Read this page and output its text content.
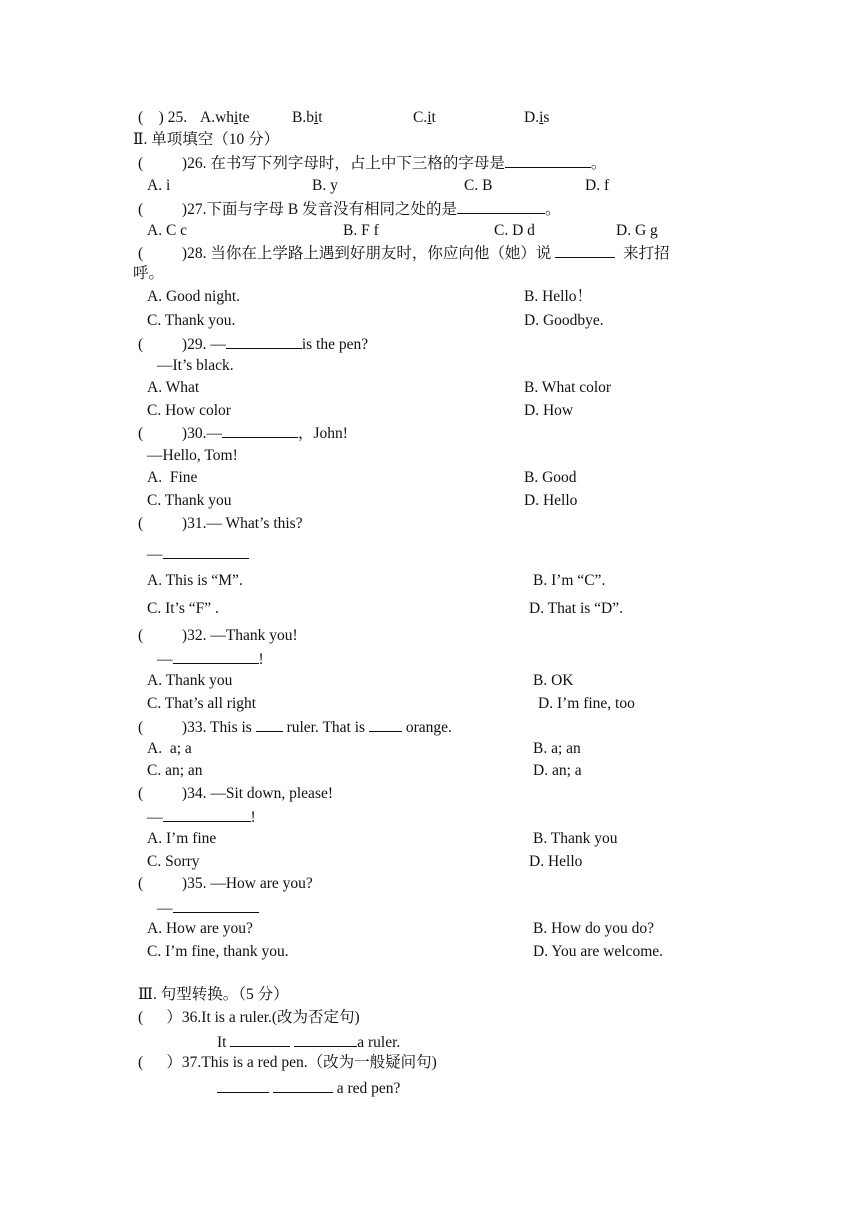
(    ) 25. A.white	B.bit	C.it	D.is
Ⅱ. 单项填空（10 分）
(          )26. 在书写下列字母时，占上中下三格的字母是	。
A. i	B. y	C. B	D. f
(          )27.下面与字母 B 发音没有相同之处的是	。
A. C c	B. F f	C. D d	D. G g
(          )28. 当你在上学路上遇到好朋友时，你应向他（她）说	来打招
呼。
A. Good night.	B. Hello！
C. Thank you.	D. Goodbye.
(          )29. —	is the pen?
—It’s black.
A. What	B. What color
C. How color	D. How
(          )30.—	，John!
—Hello, Tom!
A.  Fine	B. Good
C. Thank you	D. Hello
(          )31.— What’s this?
—
A. This is “M”.	B. I’m “C”.
C. It’s “F” .	D. That is “D”.
(          )32. —Thank you!
—	!
A. Thank you	B. OK
C. That’s all right	D. I’m fine, too
(          )33. This is ruler. That is	orange.
A.  a; a	B. a; an
C. an; an	D. an; a
(          )34. —Sit down, please!
—	!
A. I’m fine	B. Thank you
C. Sorry	D. Hello
(          )35. —How are you?
—
A. How are you?	B. How do you do?
C. I’m fine, thank you.	D. You are welcome.
Ⅲ. 句型转换。（5 分）
(      ）36.It is a ruler.(改为否定句)
It	a ruler.
(      ）37.This is a red pen.（改为一般疑问句)
a red pen?
